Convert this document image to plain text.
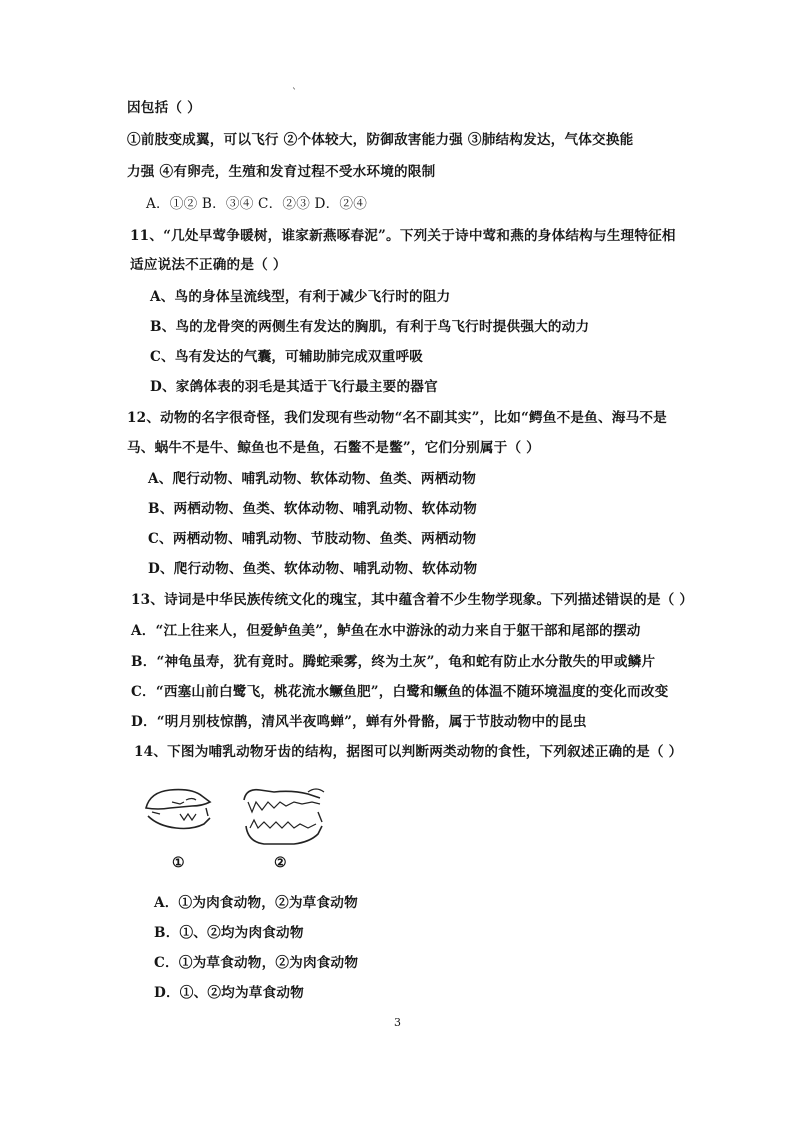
ˋ
因包括（ ）
①前肢变成翼，可以飞行 ②个体较大，防御敌害能力强 ③肺结构发达，气体交换能
力强 ④有卵壳，生殖和发育过程不受水环境的限制
A．①② B．③④ C．②③ D．②④
11、“几处早莺争暖树，谁家新燕啄春泥”。下列关于诗中莺和燕的身体结构与生理特征相
适应说法不正确的是（ ）
A、鸟的身体呈流线型，有利于减少飞行时的阻力
B、鸟的龙骨突的两侧生有发达的胸肌，有利于鸟飞行时提供强大的动力
C、鸟有发达的气囊，可辅助肺完成双重呼吸
D、家鸽体表的羽毛是其适于飞行最主要的器官
12、动物的名字很奇怪，我们发现有些动物“名不副其实”，比如“鳄鱼不是鱼、海马不是
马、蜗牛不是牛、鲸鱼也不是鱼，石鳖不是鳖”，它们分别属于（ ）
A、爬行动物、哺乳动物、软体动物、鱼类、两栖动物
B、两栖动物、鱼类、软体动物、哺乳动物、软体动物
C、两栖动物、哺乳动物、节肢动物、鱼类、两栖动物
D、爬行动物、鱼类、软体动物、哺乳动物、软体动物
13、诗词是中华民族传统文化的瑰宝，其中蕴含着不少生物学现象。下列描述错误的是（ ）
A．“江上往来人，但爱鲈鱼美”，鲈鱼在水中游泳的动力来自于躯干部和尾部的摆动
B．“神龟虽寿，犹有竟时。腾蛇乘雾，终为土灰”，龟和蛇有防止水分散失的甲或鳞片
C．“西塞山前白鹭飞，桃花流水鳜鱼肥”，白鹭和鳜鱼的体温不随环境温度的变化而改变
D．“明月别枝惊鹊，清风半夜鸣蝉”，蝉有外骨骼，属于节肢动物中的昆虫
14、下图为哺乳动物牙齿的结构，据图可以判断两类动物的食性，下列叙述正确的是（ ）
①	②
A．①为肉食动物，②为草食动物
B．①、②均为肉食动物
C．①为草食动物，②为肉食动物
D．①、②均为草食动物
3
